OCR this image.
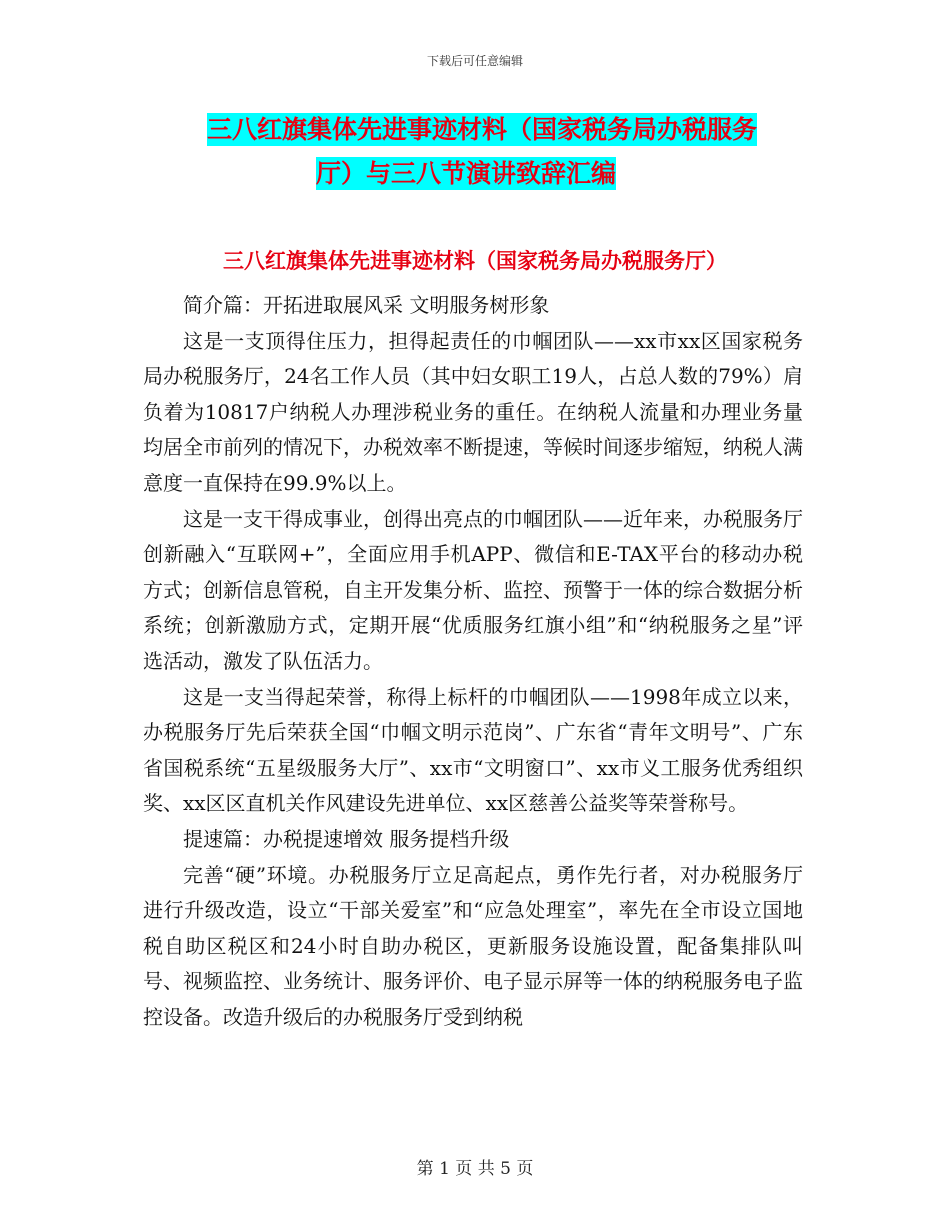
下载后可任意编辑
三八红旗集体先进事迹材料（国家税务局办税服务
厅）与三八节演讲致辞汇编
三八红旗集体先进事迹材料（国家税务局办税服务厅）

简介篇：开拓进取展风采 文明服务树形象

这是一支顶得住压力，担得起责任的巾帼团队——xx市xx区国家税务局办税服务厅，24名工作人员（其中妇女职工19人，占总人数的79%）肩负着为10817户纳税人办理涉税业务的重任。在纳税人流量和办理业务量均居全市前列的情况下，办税效率不断提速，等候时间逐步缩短，纳税人满意度一直保持在99.9%以上。

这是一支干得成事业，创得出亮点的巾帼团队——近年来，办税服务厅创新融入“互联网+”，全面应用手机APP、微信和E-TAX平台的移动办税方式；创新信息管税，自主开发集分析、监控、预警于一体的综合数据分析系统；创新激励方式，定期开展“优质服务红旗小组”和“纳税服务之星”评选活动，激发了队伍活力。

这是一支当得起荣誉，称得上标杆的巾帼团队——1998年成立以来，办税服务厅先后荣获全国“巾帼文明示范岗”、广东省“青年文明号”、广东省国税系统“五星级服务大厅”、xx市“文明窗口”、xx市义工服务优秀组织奖、xx区区直机关作风建设先进单位、xx区慈善公益奖等荣誉称号。

提速篇：办税提速增效 服务提档升级

完善“硬”环境。办税服务厅立足高起点，勇作先行者，对办税服务厅进行升级改造，设立“干部关爱室”和“应急处理室”，率先在全市设立国地税自助区税区和24小时自助办税区，更新服务设施设置，配备集排队叫号、视频监控、业务统计、服务评价、电子显示屏等一体的纳税服务电子监控设备。改造升级后的办税服务厅受到纳税

第 1 页 共 5 页
